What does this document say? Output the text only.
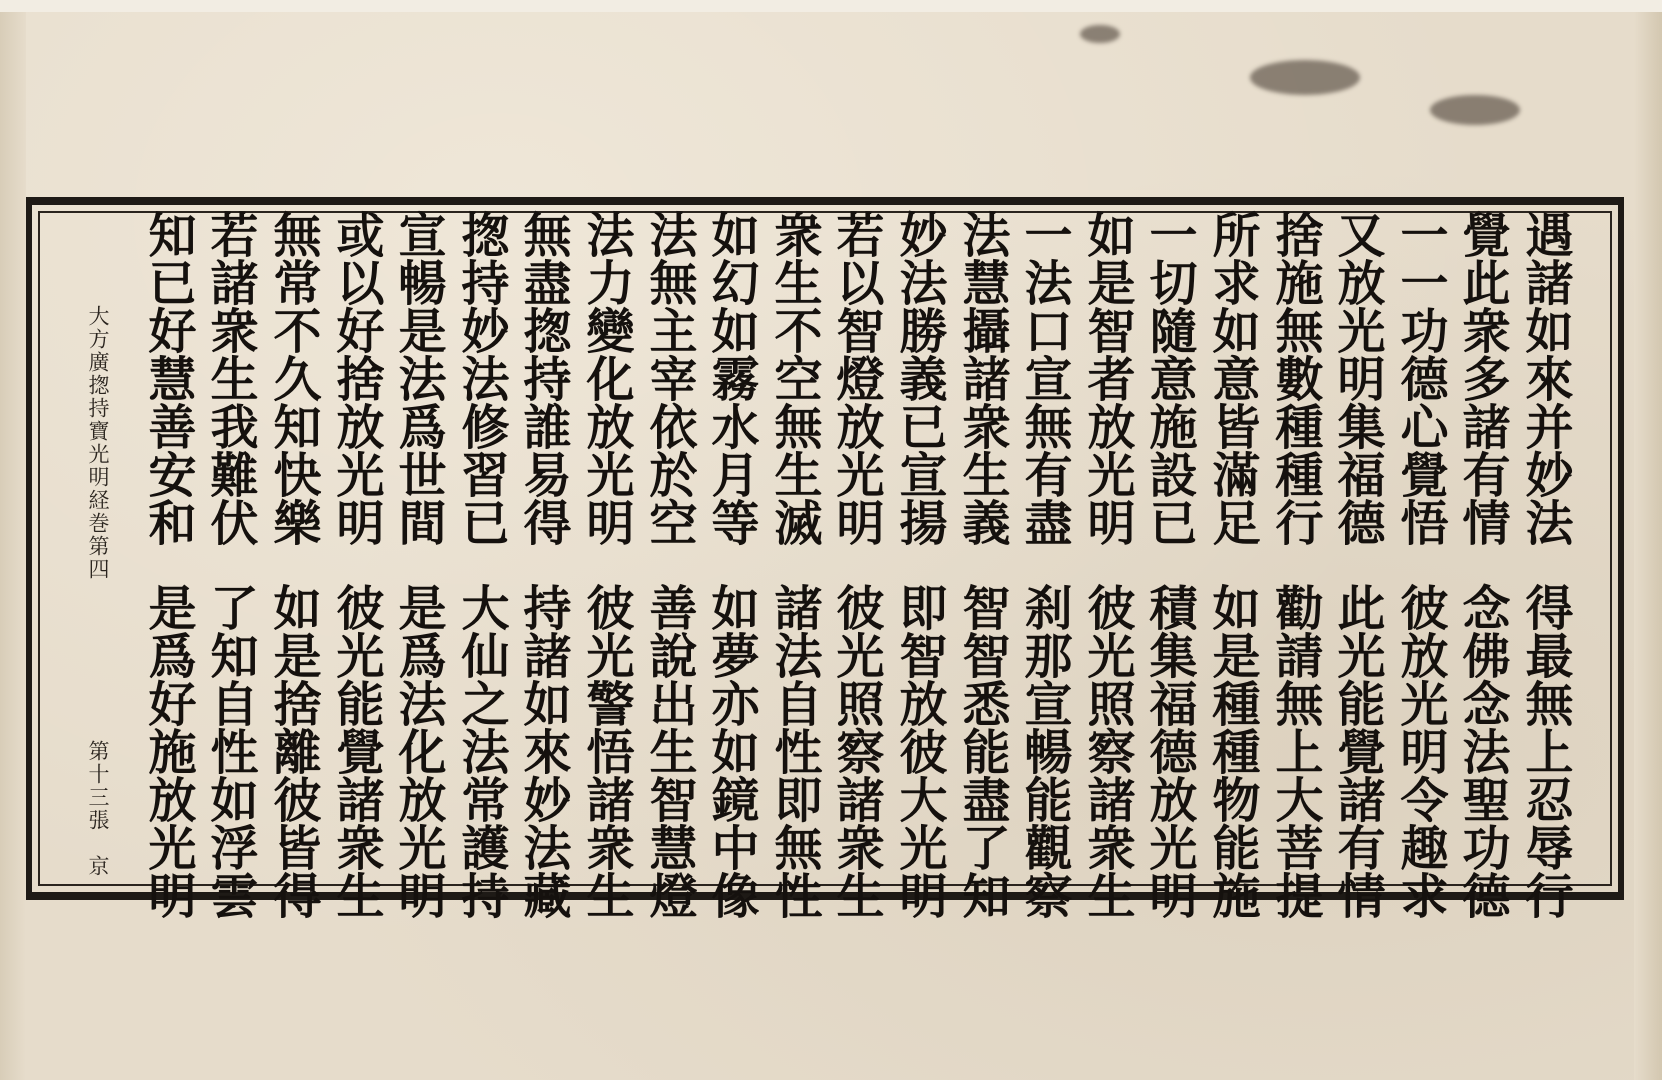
大方廣揔持寶光明経巻第四
第十三張
京
遇諸如來并妙法
得最無上忍辱行
覺此衆多諸有情
念佛念法聖功德
一一功德心覺悟
彼放光明令趣求
又放光明集福德
此光能覺諸有情
捨施無數種種行
勸請無上大菩提
所求如意皆滿足
如是種種物能施
一切隨意施設已
積集福德放光明
如是智者放光明
彼光照察諸衆生
一法口宣無有盡
刹那宣暢能觀察
法慧攝諸衆生義
智智悉能盡了知
妙法勝義已宣揚
即智放彼大光明
若以智燈放光明
彼光照察諸衆生
衆生不空無生滅
諸法自性即無性
如幻如霧水月等
如夢亦如鏡中像
法無主宰依於空
善說出生智慧燈
法力變化放光明
彼光警悟諸衆生
無盡揔持誰易得
持諸如來妙法藏
揔持妙法修習已
大仙之法常護持
宣暢是法爲世間
是爲法化放光明
或以好捨放光明
彼光能覺諸衆生
無常不久知快樂
如是捨離彼皆得
若諸衆生我難伏
了知自性如浮雲
知已好慧善安和
是爲好施放光明
